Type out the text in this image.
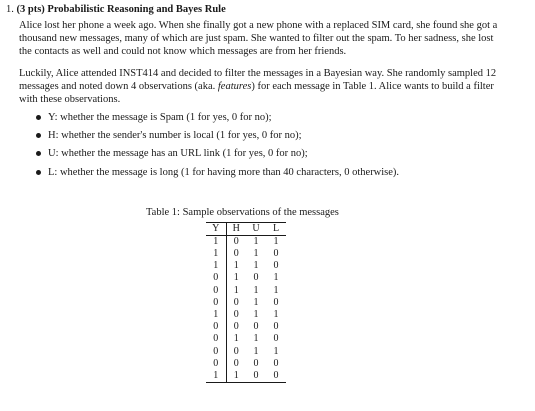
1. (3 pts) Probabilistic Reasoning and Bayes Rule

Alice lost her phone a week ago. When she finally got a new phone with a replaced SIM card, she found she got a thousand new messages, many of which are just spam. She wanted to filter out the spam. To her sadness, she lost the contacts as well and could not know which messages are from her friends.

Luckily, Alice attended INST414 and decided to filter the messages in a Bayesian way. She randomly sampled 12 messages and noted down 4 observations (aka. features) for each message in Table 1. Alice wants to build a filter with these observations.

Y: whether the message is Spam (1 for yes, 0 for no);
H: whether the sender's number is local (1 for yes, 0 for no);
U: whether the message has an URL link (1 for yes, 0 for no);
L: whether the message is long (1 for having more than 40 characters, 0 otherwise).
Table 1: Sample observations of the messages
Y	H	U	L
1	0	1	1
1	0	1	0
1	1	1	0
0	1	0	1
0	1	1	1
0	0	1	0
1	0	1	1
0	0	0	0
0	1	1	0
0	0	1	1
0	0	0	0
1	1	0	0
